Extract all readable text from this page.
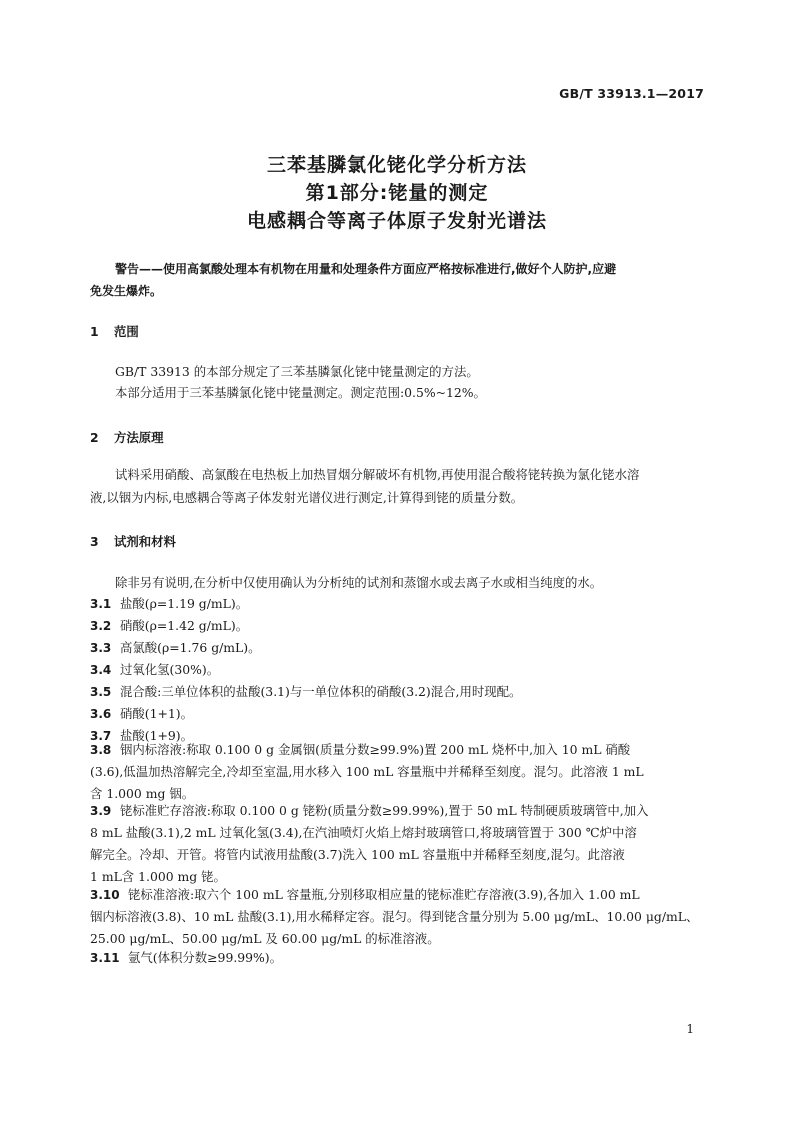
GB/T 33913.1—2017
三苯基膦氯化铑化学分析方法
第1部分:铑量的测定
电感耦合等离子体原子发射光谱法
警告——使用高氯酸处理本有机物在用量和处理条件方面应严格按标准进行,做好个人防护,应避
免发生爆炸。
1 范围
GB/T 33913 的本部分规定了三苯基膦氯化铑中铑量测定的方法。
本部分适用于三苯基膦氯化铑中铑量测定。测定范围:0.5%~12%。
2 方法原理
试料采用硝酸、高氯酸在电热板上加热冒烟分解破坏有机物,再使用混合酸将铑转换为氯化铑水溶
液,以铟为内标,电感耦合等离子体发射光谱仪进行测定,计算得到铑的质量分数。
3 试剂和材料
除非另有说明,在分析中仅使用确认为分析纯的试剂和蒸馏水或去离子水或相当纯度的水。
3.1 盐酸(ρ=1.19 g/mL)。
3.2 硝酸(ρ=1.42 g/mL)。
3.3 高氯酸(ρ=1.76 g/mL)。
3.4 过氧化氢(30%)。
3.5 混合酸:三单位体积的盐酸(3.1)与一单位体积的硝酸(3.2)混合,用时现配。
3.6 硝酸(1+1)。
3.7 盐酸(1+9)。
3.8 铟内标溶液:称取 0.100 0 g 金属铟(质量分数≥99.9%)置 200 mL 烧杯中,加入 10 mL 硝酸
(3.6),低温加热溶解完全,冷却至室温,用水移入 100 mL 容量瓶中并稀释至刻度。混匀。此溶液 1 mL
含 1.000 mg 铟。
3.9 铑标准贮存溶液:称取 0.100 0 g 铑粉(质量分数≥99.99%),置于 50 mL 特制硬质玻璃管中,加入
8 mL 盐酸(3.1),2 mL 过氧化氢(3.4),在汽油喷灯火焰上熔封玻璃管口,将玻璃管置于 300 ℃炉中溶
解完全。冷却、开管。将管内试液用盐酸(3.7)洗入 100 mL 容量瓶中并稀释至刻度,混匀。此溶液
1 mL含 1.000 mg 铑。
3.10 铑标准溶液:取六个 100 mL 容量瓶,分别移取相应量的铑标准贮存溶液(3.9),各加入 1.00 mL
铟内标溶液(3.8)、10 mL 盐酸(3.1),用水稀释定容。混匀。得到铑含量分别为 5.00 μg/mL、10.00 μg/mL、
25.00 μg/mL、50.00 μg/mL 及 60.00 μg/mL 的标准溶液。
3.11 氩气(体积分数≥99.99%)。
1
